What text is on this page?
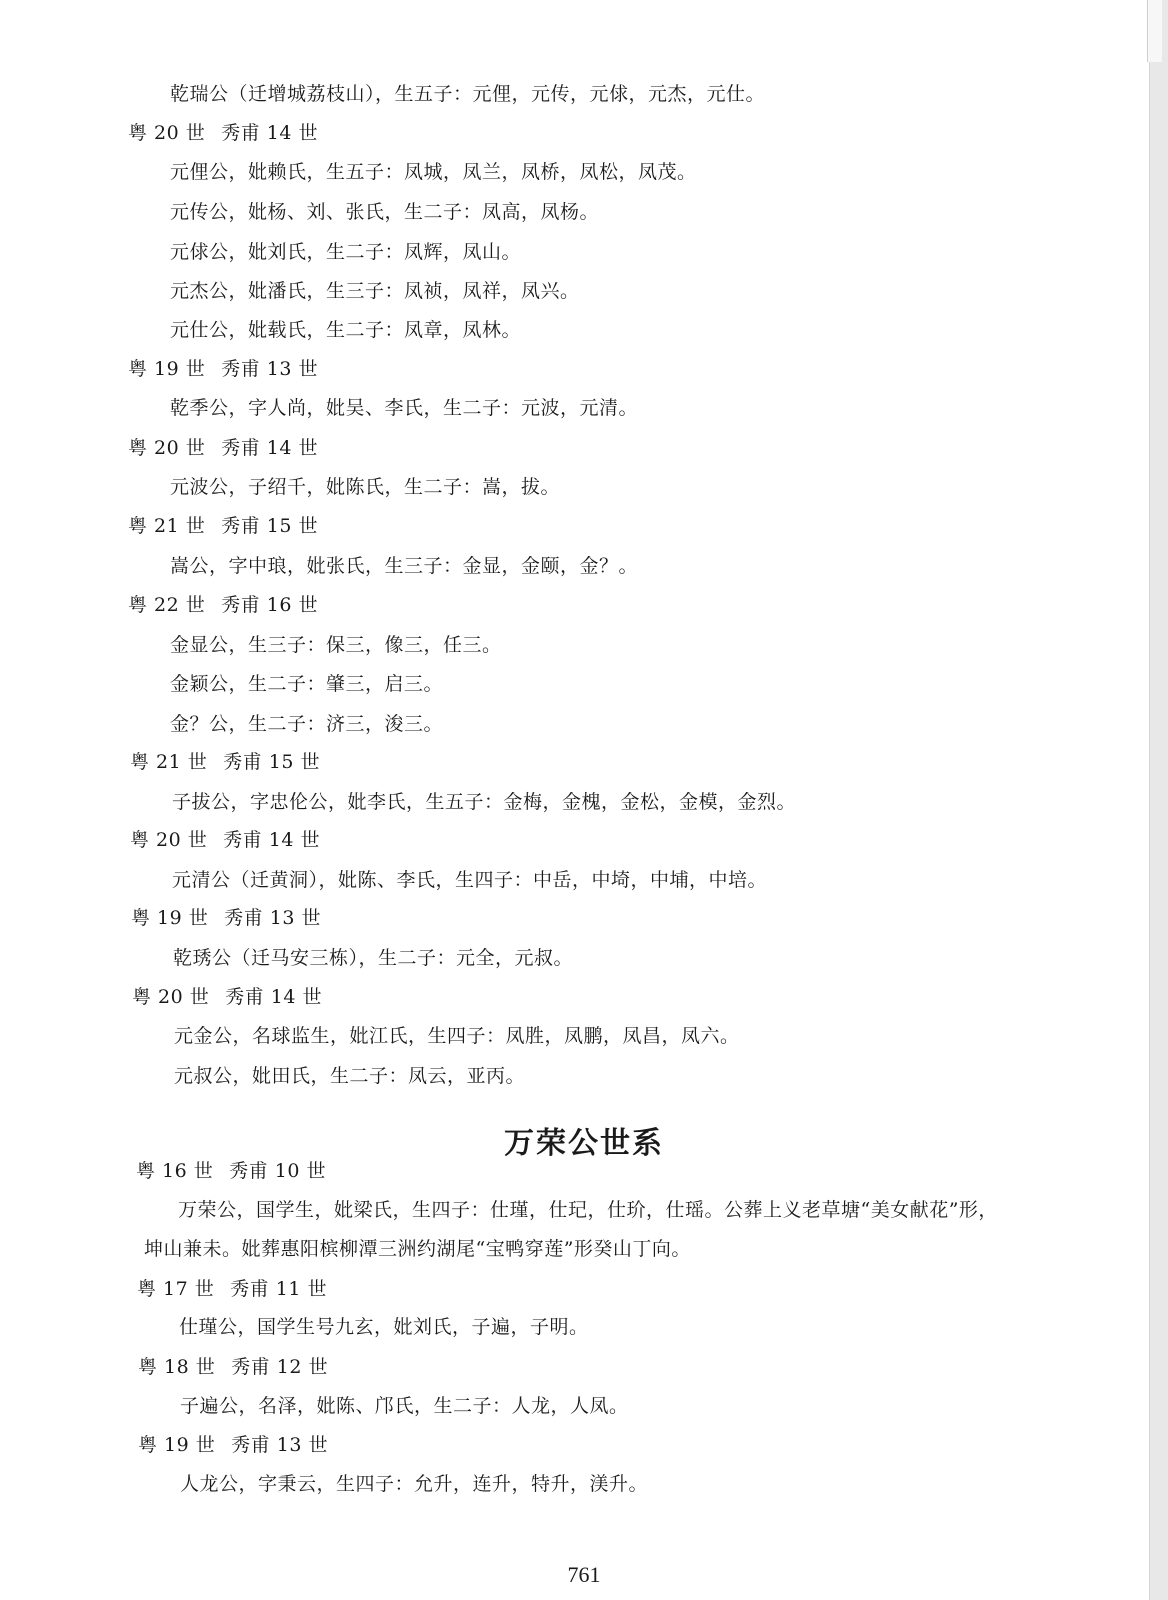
乾瑞公（迁增城荔枝山），生五子：元俚，元传，元俅，元杰，元仕。
粤 20 世 秀甫 14 世
元俚公，妣赖氏，生五子：凤城，凤兰，凤桥，凤松，凤茂。
元传公，妣杨、刘、张氏，生二子：凤高，凤杨。
元俅公，妣刘氏，生二子：凤辉，凤山。
元杰公，妣潘氏，生三子：凤祯，凤祥，凤兴。
元仕公，妣载氏，生二子：凤章，凤林。
粤 19 世 秀甫 13 世
乾季公，字人尚，妣吴、李氏，生二子：元波，元清。
粤 20 世 秀甫 14 世
元波公，子绍千，妣陈氏，生二子：嵩，拔。
粤 21 世 秀甫 15 世
嵩公，字中琅，妣张氏，生三子：金显，金颐，金？。
粤 22 世 秀甫 16 世
金显公，生三子：保三，像三，任三。
金颖公，生二子：肇三，启三。
金？公，生二子：济三，浚三。
粤 21 世 秀甫 15 世
子拔公，字忠伦公，妣李氏，生五子：金梅，金槐，金松，金模，金烈。
粤 20 世 秀甫 14 世
元清公（迁黄洞），妣陈、李氏，生四子：中岳，中埼，中埔，中培。
粤 19 世 秀甫 13 世
乾琇公（迁马安三栋），生二子：元全，元叔。
粤 20 世 秀甫 14 世
元金公，名球监生，妣江氏，生四子：凤胜，凤鹏，凤昌，凤六。
元叔公，妣田氏，生二子：凤云，亚丙。
粤 16 世 秀甫 10 世
万荣公，国学生，妣梁氏，生四子：仕瑾，仕玘，仕玠，仕瑶。公葬上义老草塘“美女献花”形，
坤山兼未。妣葬惠阳槟柳潭三洲约湖尾“宝鸭穿莲”形癸山丁向。
粤 17 世 秀甫 11 世
仕瑾公，国学生号九玄，妣刘氏，子遍，子明。
粤 18 世 秀甫 12 世
子遍公，名泽，妣陈、邝氏，生二子：人龙，人凤。
粤 19 世 秀甫 13 世
人龙公，字秉云，生四子：允升，连升，特升，渼升。
万荣公世系
761
